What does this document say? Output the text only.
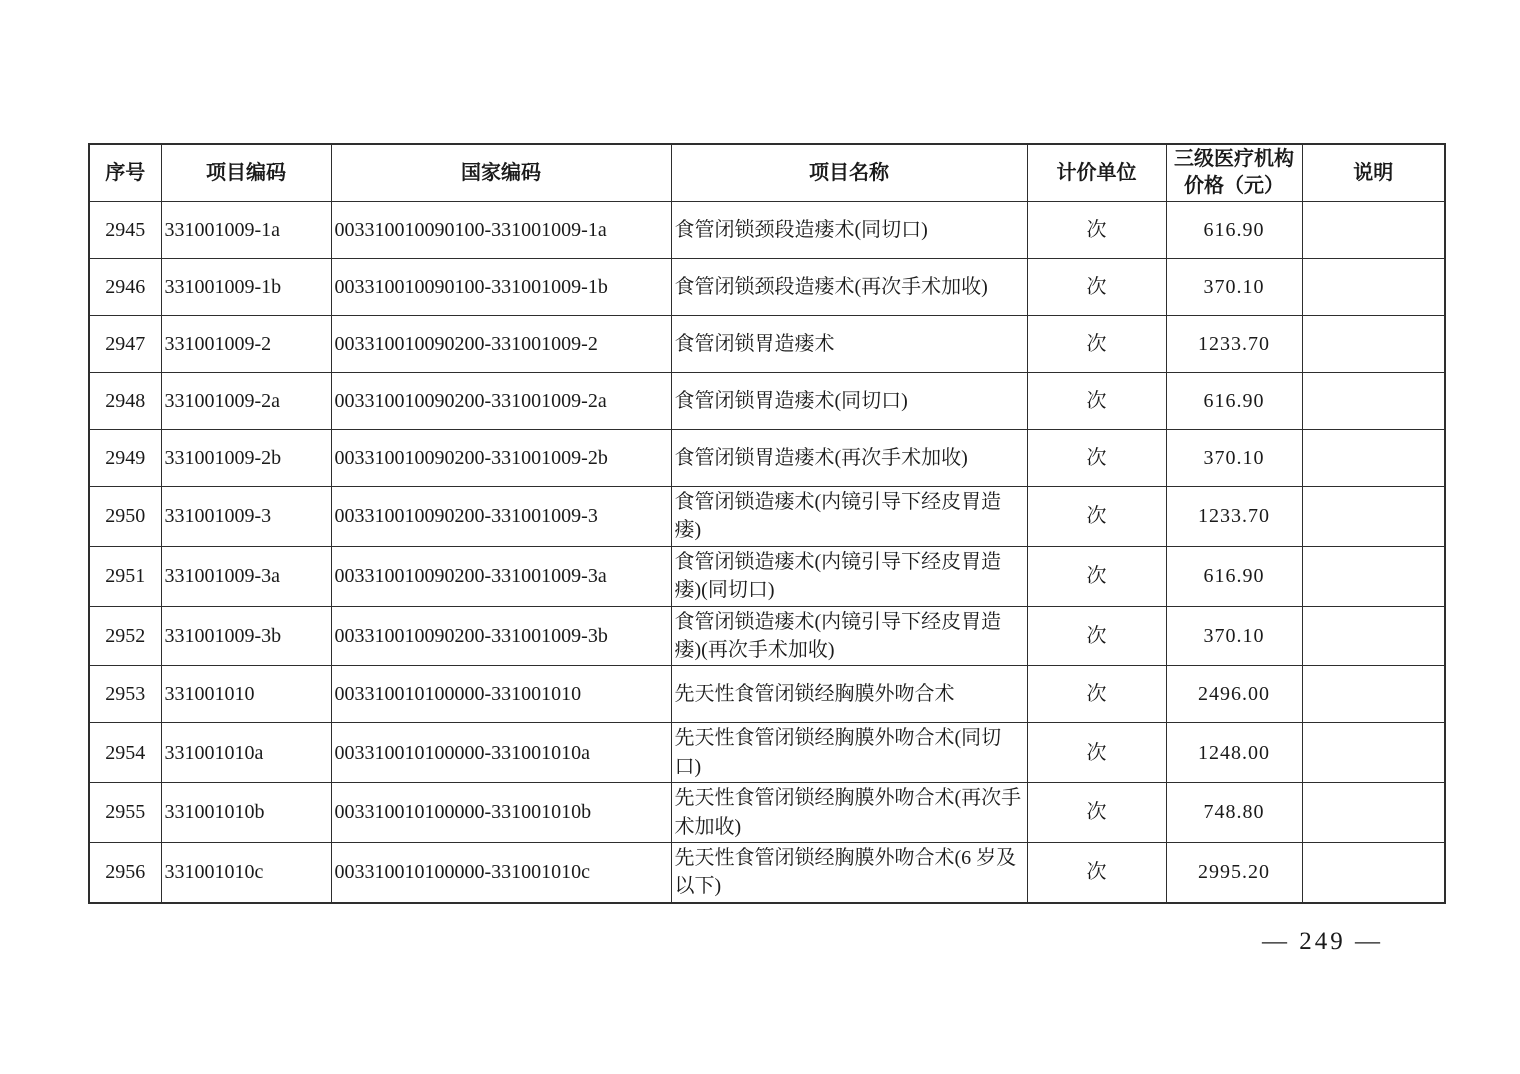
序号	项目编码	国家编码	项目名称	计价单位	三级医疗机构价格（元）	说明
2945	331001009-1a	003310010090100-331001009-1a	食管闭锁颈段造瘘术(同切口)	次	616.90	
2946	331001009-1b	003310010090100-331001009-1b	食管闭锁颈段造瘘术(再次手术加收)	次	370.10	
2947	331001009-2	003310010090200-331001009-2	食管闭锁胃造瘘术	次	1233.70	
2948	331001009-2a	003310010090200-331001009-2a	食管闭锁胃造瘘术(同切口)	次	616.90	
2949	331001009-2b	003310010090200-331001009-2b	食管闭锁胃造瘘术(再次手术加收)	次	370.10	
2950	331001009-3	003310010090200-331001009-3	食管闭锁造瘘术(内镜引导下经皮胃造瘘)	次	1233.70	
2951	331001009-3a	003310010090200-331001009-3a	食管闭锁造瘘术(内镜引导下经皮胃造瘘)(同切口)	次	616.90	
2952	331001009-3b	003310010090200-331001009-3b	食管闭锁造瘘术(内镜引导下经皮胃造瘘)(再次手术加收)	次	370.10	
2953	331001010	003310010100000-331001010	先天性食管闭锁经胸膜外吻合术	次	2496.00	
2954	331001010a	003310010100000-331001010a	先天性食管闭锁经胸膜外吻合术(同切口)	次	1248.00	
2955	331001010b	003310010100000-331001010b	先天性食管闭锁经胸膜外吻合术(再次手术加收)	次	748.80	
2956	331001010c	003310010100000-331001010c	先天性食管闭锁经胸膜外吻合术(6 岁及以下)	次	2995.20	
— 249 —
